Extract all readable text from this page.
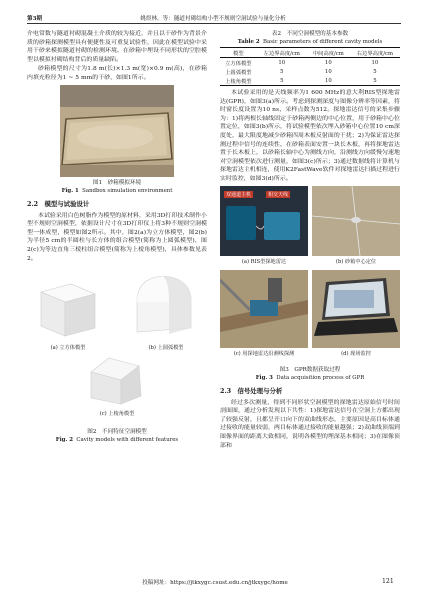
第3期	姚煜林，等：隧道衬砌结构小型不规则空洞试验与量化分析

介电常数与隧道衬砌混凝土介质的较为接近，并且以干砂作为背景介质的砂箱探测模型具有便捷性及可重复试验性，因此在模型试验中采用干砂来模拟隧道衬砌的检测环境。在砂箱中埋设不同形状的空腔模型以模拟衬砌结构背后的质量缺陷。

砂箱模型的尺寸为1.8 m(长)×1.3 m(宽)×0.9 m(高)，在砂箱内填充粒径为1 ~ 5 mm的干砂，如图1所示。

图1　砂箱模拟环境

Fig. 1 Sandbox simulation environment

2.2　模型与试验设计

本试验采用白色树脂作为模型的原材料，采用3D打印技术制作小型不规则空洞模型，依据设计尺寸在3D打印仪上将3种不规则空洞模型一体成型，模型如图2所示。其中，图2(a)为立方体模型，图2(b)为半径5 cm的半圆柱与长方体的组合模型(简称为上圆弧模型)，图2(c)为等边直角三棱柱组合模型(简称为上棱角模型)，具体参数见表2。

(a) 立方体模型	(b) 上圆弧模型
(c) 上棱角模型

图2　不同特征空洞模型

Fig. 2 Cavity models with different features

表2　不同空洞模型的基本参数

Table 2 Basic parameters of different cavity models

模型	左边界高度/cm	中间高度/cm	右边界高度/cm
立方体模型	10	10	10
上圆弧模型	5	10	5
上棱角模型	5	10	5

本试验采用的是天线频率为1 600 MHz的意大利RIS型探地雷达(GPR)，如图3(a)所示。考虑到探测深度与图像分辨率等因素，将时窗长度设置为10 ns，采样点数为512。探地雷达信号的采集步骤为：1)将两根长轴线固定于砂箱两侧边的中心位置，用于砂箱中心位置定位，如图3(b)所示，将试验模型依次埋入砂箱中心位置10 cm深度处，最大限度地减少砂箱四周木板反射面的干扰；2)为保证雷达探测过程中信号的连续性，在砂箱表面安置一块长木板，再将探地雷达置于长木板上，以砂箱长轴中心为测线方向，沿测线方向缓慢匀速地对空洞模型依次进行测量，如图3(c)所示；3)通过数据线将计算机与探地雷达主机相连，使用K2FastWave软件对探地雷达扫描过程进行实时监控，如图3(d)所示。

双通道主机	相交天线
(a) RIS型探地雷达	(b) 砂箱中心定位
(c) 用探地雷达沿测线探测	(d) 现场监控

图3　GPR数据获取过程

Fig. 3 Data acquisition process of GPR

2.3　信号处理与分析

经过多次测量，得到不同形状空洞模型的探地雷达原始信号时间剖面图，通过分析发现以下共性：1)探地雷达信号在空洞上方都出现了较强反射，且都呈开口向下的双曲线形态，主要原因是高目标体通过接收的能量较弱，两目标体通过接收的能量越强；2)双曲线顶端到图像界面的距离大致相同，说明各模型的埋深基本相同；3)在图像顶部和

投稿网址：https://jtkxygc.csust.edu.cn/jtkxygc/home	121
